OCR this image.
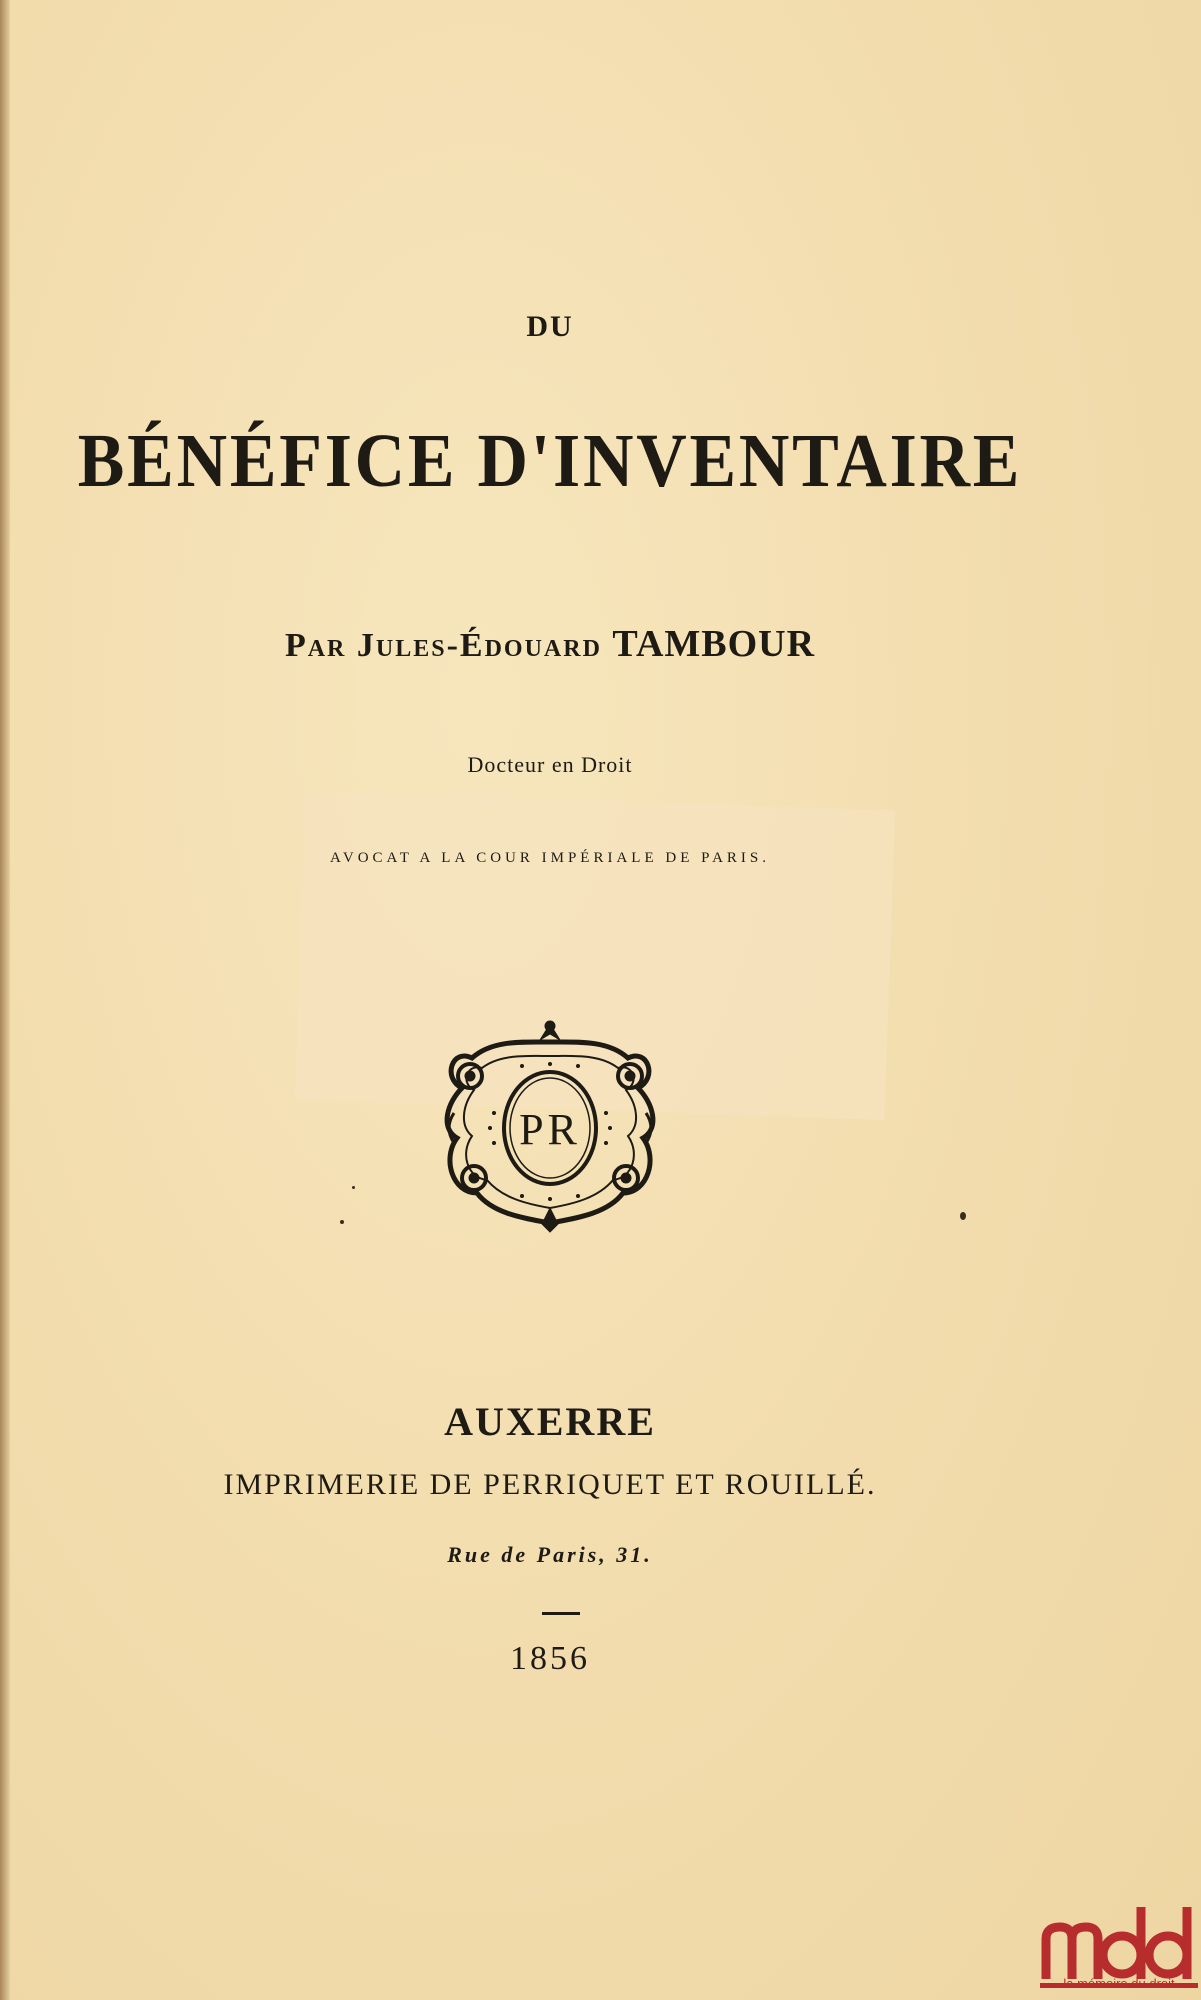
DU
BÉNÉFICE D'INVENTAIRE
Par Jules-Édouard TAMBOUR
Docteur en Droit
AVOCAT A LA COUR IMPÉRIALE DE PARIS.
PR
AUXERRE
IMPRIMERIE DE PERRIQUET ET ROUILLÉ.
Rue de Paris, 31.
1856
la mémoire du droit
